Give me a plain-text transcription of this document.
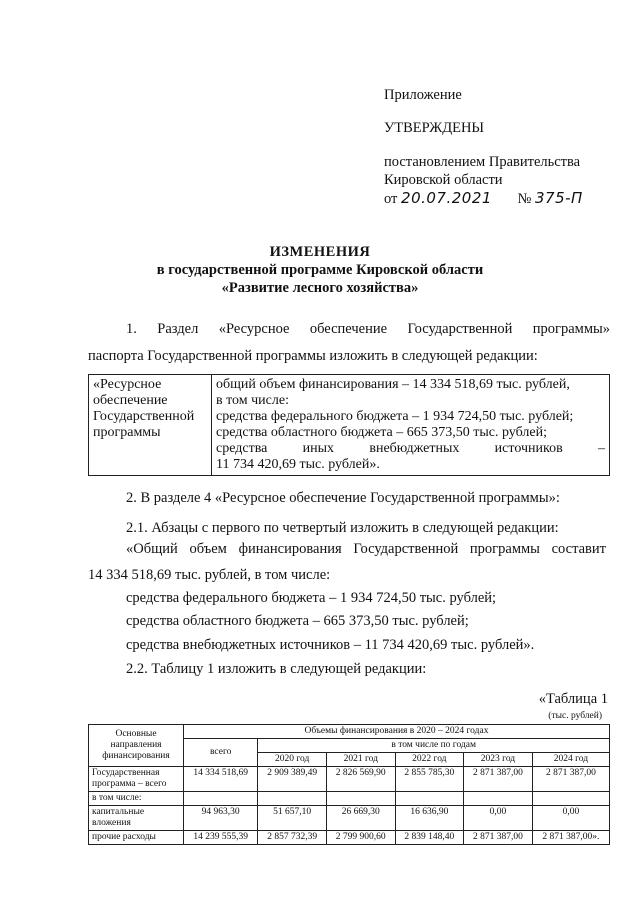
Приложение

УТВЕРЖДЕНЫ

постановлением Правительства

Кировской области

от 20.07.2021 № 375-П

ИЗМЕНЕНИЯ
в государственной программе Кировской области
«Развитие лесного хозяйства»
1. Раздел «Ресурсное обеспечение Государственной программы»
паспорта Государственной программы изложить в следующей редакции:
«Ресурсное
обеспечение
Государственной
программы

общий объем финансирования – 14 334 518,69 тыс. рублей,
в том числе:
средства федерального бюджета – 1 934 724,50 тыс. рублей;
средства областного бюджета – 665 373,50 тыс. рублей;
средства иных внебюджетных источников –
11 734 420,69 тыс. рублей».
2. В разделе 4 «Ресурсное обеспечение Государственной программы»:
2.1. Абзацы с первого по четвертый изложить в следующей редакции:
«Общий объем финансирования Государственной программы составит
14 334 518,69 тыс. рублей, в том числе:
средства федерального бюджета – 1 934 724,50 тыс. рублей;
средства областного бюджета – 665 373,50 тыс. рублей;
средства внебюджетных источников – 11 734 420,69 тыс. рублей».
2.2. Таблицу 1 изложить в следующей редакции:
«Таблица 1
(тыс. рублей)
Основные направления финансирования	Объемы финансирования в 2020 – 2024 годах					
	всего	в том числе по годам				
		2020 год	2021 год	2022 год	2023 год	2024 год
Государственная программа – всего	14 334 518,69	2 909 389,49	2 826 569,90	2 855 785,30	2 871 387,00	2 871 387,00
в том числе:						
капитальные вложения	94 963,30	51 657,10	26 669,30	16 636,90	0,00	0,00
прочие расходы	14 239 555,39	2 857 732,39	2 799 900,60	2 839 148,40	2 871 387,00	2 871 387,00».
